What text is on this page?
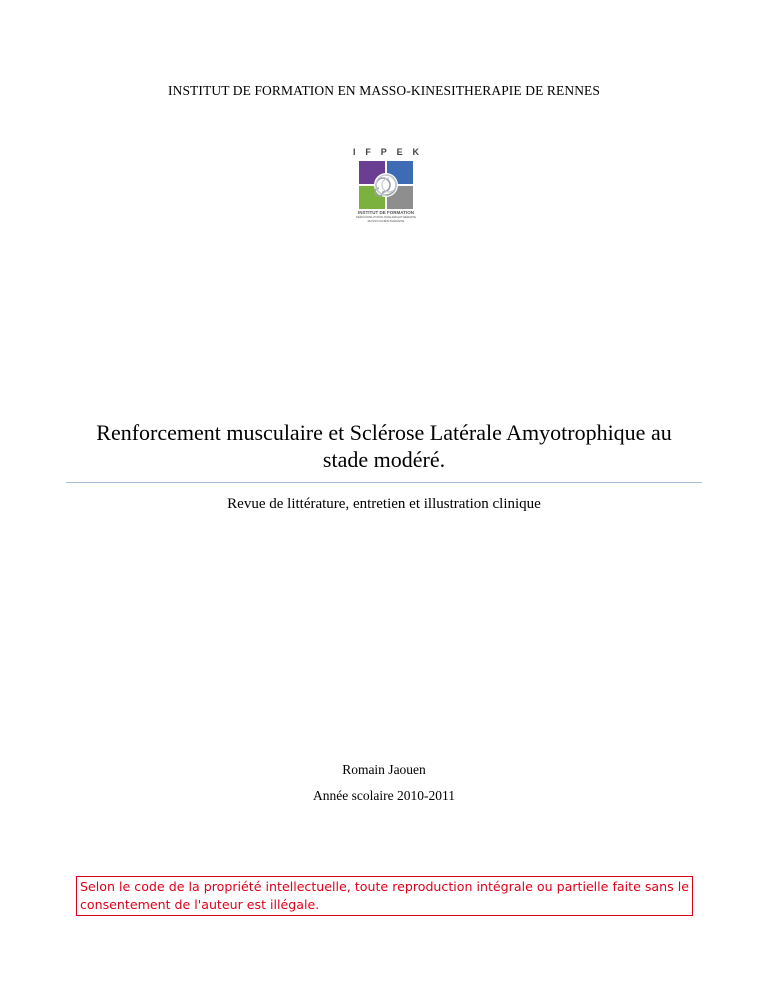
INSTITUT DE FORMATION EN MASSO-KINESITHERAPIE DE RENNES
I F P E K
INSTITUT DE FORMATION
PÉDICURIE-PODOLOGIE ERGOTHÉRAPIE MASSO-KINÉSITHÉRAPIE
Renforcement musculaire et Sclérose Latérale Amyotrophique au
stade modéré.
Revue de littérature, entretien et illustration clinique
Romain Jaouen
Année scolaire 2010-2011
Selon le code de la propriété intellectuelle, toute reproduction intégrale ou partielle faite sans le consentement de l'auteur est illégale.
